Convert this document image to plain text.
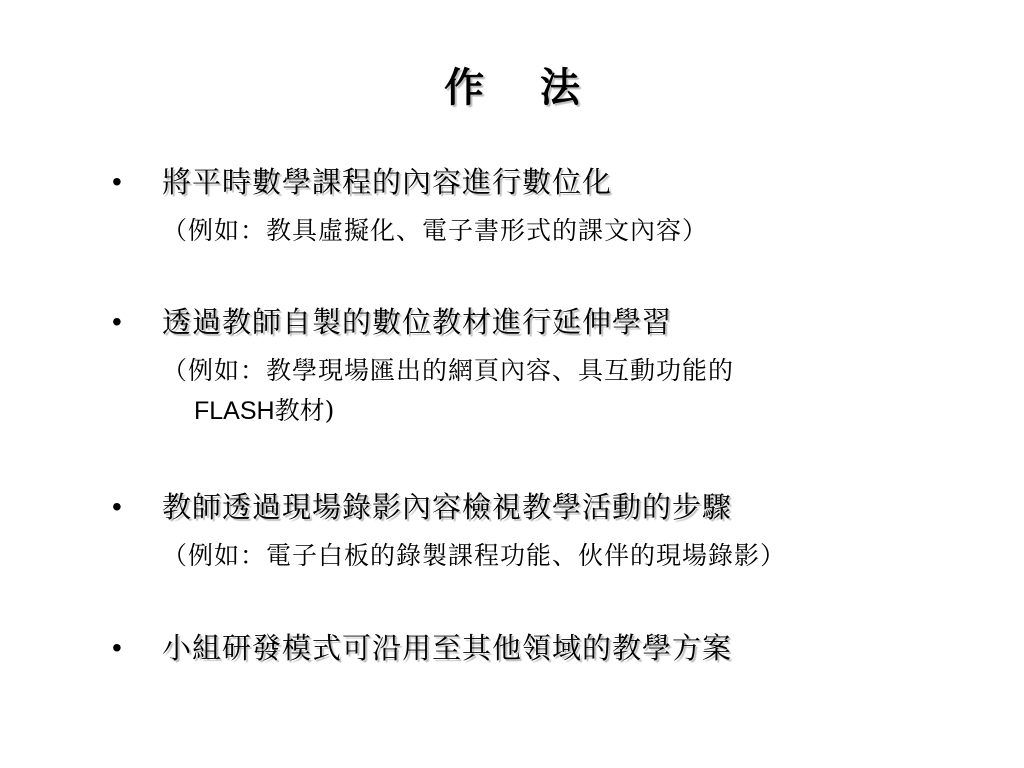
作    法
• 將平時數學課程的內容進行數位化
（例如：教具虛擬化、電子書形式的課文內容）
• 透過教師自製的數位教材進行延伸學習
（例如：教學現場匯出的網頁內容、具互動功能的
FLASH教材)
• 教師透過現場錄影內容檢視教學活動的步驟
（例如：電子白板的錄製課程功能、伙伴的現場錄影）
• 小組研發模式可沿用至其他領域的教學方案
